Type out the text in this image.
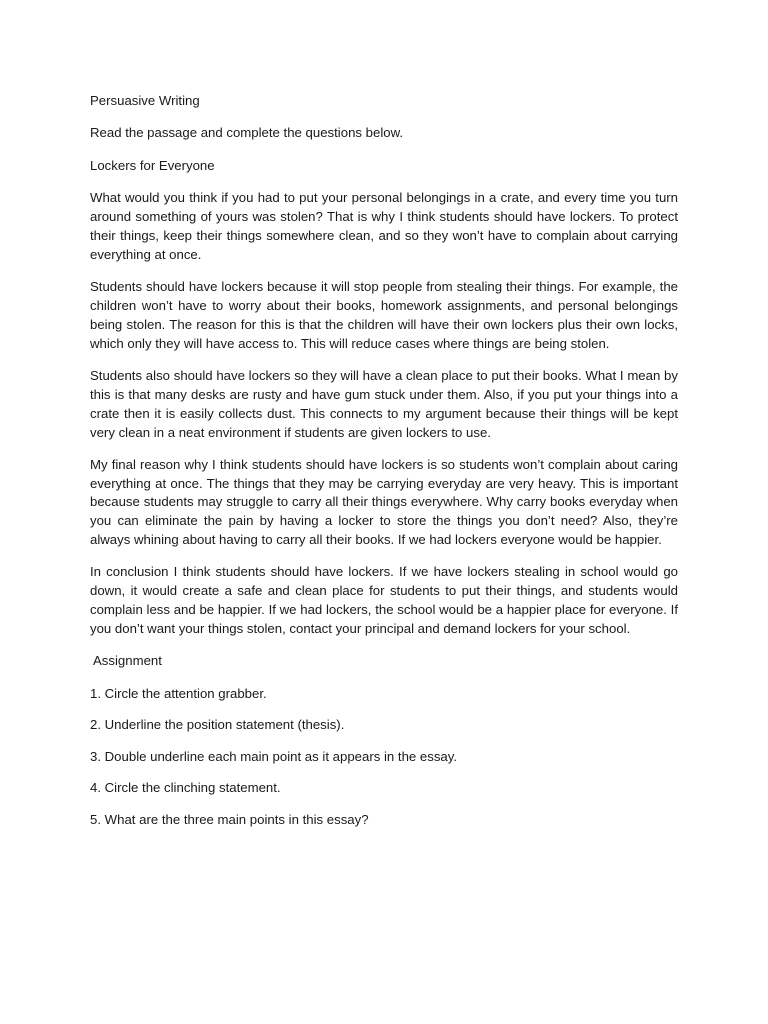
Persuasive Writing

Read the passage and complete the questions below.

Lockers for Everyone

What would you think if you had to put your personal belongings in a crate, and every time you turn around something of yours was stolen? That is why I think students should have lockers. To protect their things, keep their things somewhere clean, and so they won’t have to complain about carrying everything at once.

Students should have lockers because it will stop people from stealing their things. For example, the children won’t have to worry about their books, homework assignments, and personal belongings being stolen. The reason for this is that the children will have their own lockers plus their own locks, which only they will have access to. This will reduce cases where things are being stolen.

Students also should have lockers so they will have a clean place to put their books. What I mean by this is that many desks are rusty and have gum stuck under them. Also, if you put your things into a crate then it is easily collects dust. This connects to my argument because their things will be kept very clean in a neat environment if students are given lockers to use.

My final reason why I think students should have lockers is so students won’t complain about caring everything at once. The things that they may be carrying everyday are very heavy. This is important because students may struggle to carry all their things everywhere. Why carry books everyday when you can eliminate the pain by having a locker to store the things you don’t need? Also, they’re always whining about having to carry all their books. If we had lockers everyone would be happier.

In conclusion I think students should have lockers. If we have lockers stealing in school would go down, it would create a safe and clean place for students to put their things, and students would complain less and be happier. If we had lockers, the school would be a happier place for everyone. If you don’t want your things stolen, contact your principal and demand lockers for your school.

Assignment

1. Circle the attention grabber.

2. Underline the position statement (thesis).

3. Double underline each main point as it appears in the essay.

4. Circle the clinching statement.

5. What are the three main points in this essay?
